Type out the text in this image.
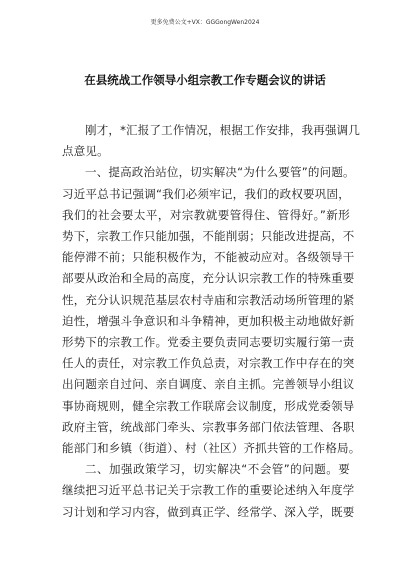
更多免费公文+VX：GGGongWen2024
在县统战工作领导小组宗教工作专题会议的讲话
刚才，*汇报了工作情况，根据工作安排，我再强调几
点意见。
一、提高政治站位，切实解决“为什么要管”的问题。
习近平总书记强调“我们必须牢记，我们的政权要巩固，
我们的社会要太平，对宗教就要管得住、管得好。”新形
势下，宗教工作只能加强，不能削弱；只能改进提高，不
能停滞不前；只能积极作为，不能被动应对。各级领导干
部要从政治和全局的高度，充分认识宗教工作的特殊重要
性，充分认识规范基层农村寺庙和宗教活动场所管理的紧
迫性，增强斗争意识和斗争精神，更加积极主动地做好新
形势下的宗教工作。党委主要负责同志要切实履行第一责
任人的责任，对宗教工作负总责，对宗教工作中存在的突
出问题亲自过问、亲自调度、亲自主抓。完善领导小组议
事协商规则，健全宗教工作联席会议制度，形成党委领导
政府主管，统战部门牵头、宗教事务部门依法管理、各职
能部门和乡镇（街道）、村（社区）齐抓共管的工作格局。
二、加强政策学习，切实解决“不会管”的问题。要
继续把习近平总书记关于宗教工作的重要论述纳入年度学
习计划和学习内容，做到真正学、经常学、深入学，既要
